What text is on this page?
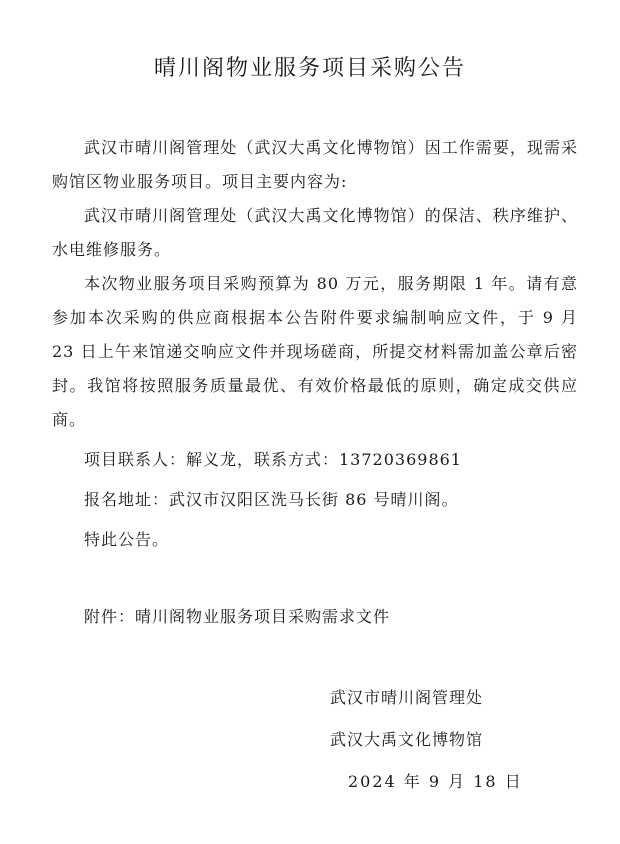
晴川阁物业服务项目采购公告

武汉市晴川阁管理处（武汉大禹文化博物馆）因工作需要，现需采购馆区物业服务项目。项目主要内容为:

武汉市晴川阁管理处（武汉大禹文化博物馆）的保洁、秩序维护、水电维修服务。

本次物业服务项目采购预算为 80 万元，服务期限 1 年。请有意参加本次采购的供应商根据本公告附件要求编制响应文件，于 9 月 23 日上午来馆递交响应文件并现场磋商，所提交材料需加盖公章后密封。我馆将按照服务质量最优、有效价格最低的原则，确定成交供应商。

项目联系人：解义龙，联系方式：13720369861

报名地址：武汉市汉阳区洗马长街 86 号晴川阁。

特此公告。

附件：晴川阁物业服务项目采购需求文件
武汉市晴川阁管理处
武汉大禹文化博物馆
2024 年 9 月 18 日
